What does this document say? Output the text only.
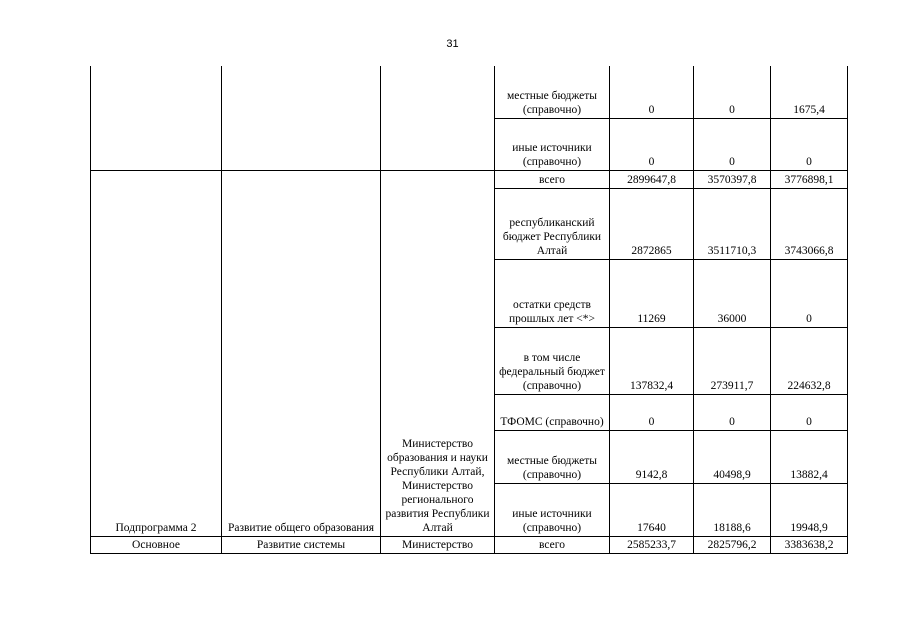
31
			местные бюджеты (справочно)	0	0	1675,4
			иные источники (справочно)	0	0	0
Подпрограмма 2	Развитие общего образования	Министерство образования и науки Республики Алтай, Министерство регионального развития Республики Алтай	всего	2899647,8	3570397,8	3776898,1
			республиканский бюджет Республики Алтай	2872865	3511710,3	3743066,8
			остатки средств прошлых лет <*>	11269	36000	0
			в том числе федеральный бюджет (справочно)	137832,4	273911,7	224632,8
			ТФОМС (справочно)	0	0	0
			местные бюджеты (справочно)	9142,8	40498,9	13882,4
			иные источники (справочно)	17640	18188,6	19948,9
Основное	Развитие системы	Министерство	всего	2585233,7	2825796,2	3383638,2
